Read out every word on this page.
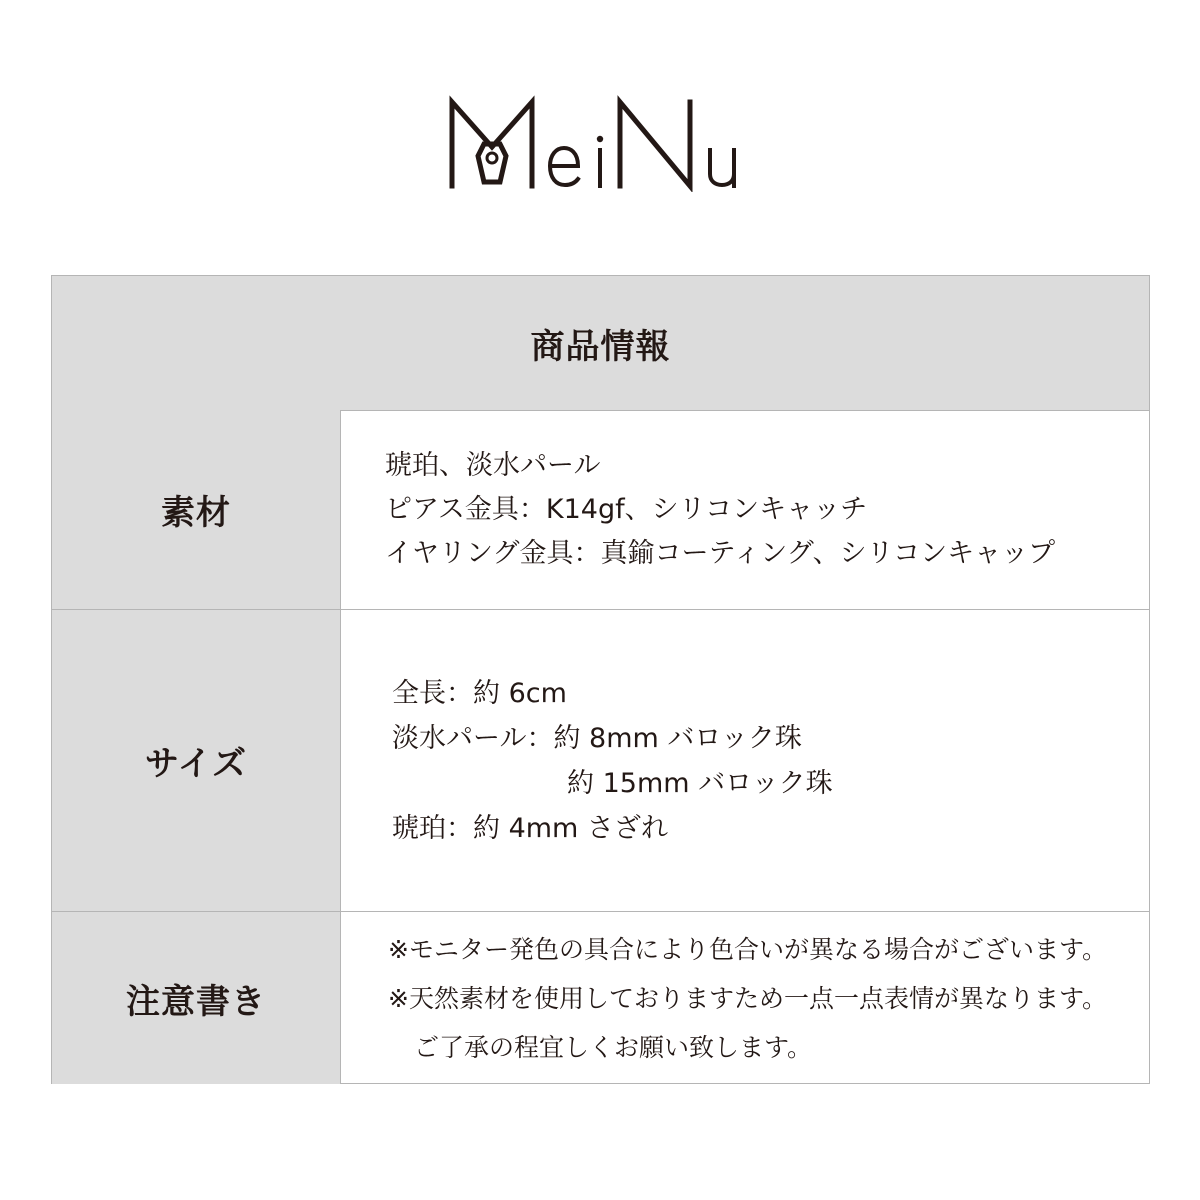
商品情報
素材
琥珀、淡水パール
ピアス金具：K14gf、シリコンキャッチ
イヤリング金具：真鍮コーティング、シリコンキャップ
サイズ
全長：約 6cm
淡水パール：約 8mm バロック珠
約 15mm バロック珠
琥珀：約 4mm さざれ
注意書き
※モニター発色の具合により色合いが異なる場合がございます。
※天然素材を使用しておりますため一点一点表情が異なります。
ご了承の程宜しくお願い致します。
